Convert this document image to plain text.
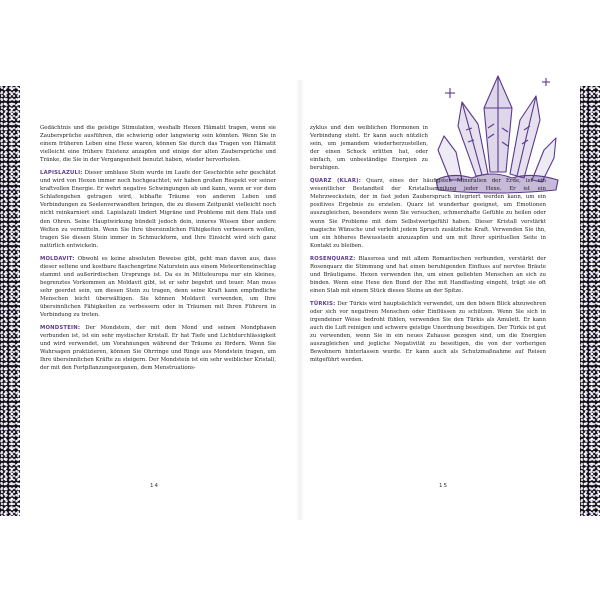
Gedächtnis und die geistige Stimulation, weshalb Hexen Hämatit tragen, wenn sie Zaubersprüche ausführen, die schwierig oder langwierig sein könnten. Wenn Sie in einem früheren Leben eine Hexe waren, können Sie durch das Tragen von Hämatit vielleicht eine frühere Existenz anzapfen und einige der alten Zaubersprüche und Tränke, die Sie in der Vergangenheit benutzt haben, wieder hervorholen.

LAPISLAZULI: Dieser umblaue Stein wurde im Laufe der Geschichte sehr geschätzt und wird von Hexen immer noch hochgeachtet; wir haben großen Respekt vor seiner kraftvollen Energie. Er wehrt negative Schwingungen ab und kann, wenn er vor dem Schlafengehen getragen wird, lebhafte Träume von anderen Leben und Verbindungen zu Seelenverwandten bringen, die zu diesem Zeitpunkt vielleicht noch nicht reinkarniert sind. Lapislazuli lindert Migräne und Probleme mit dem Hals und den Ohren. Seine Hauptwirkung bündelt jedoch dein, inneres Wissen über andere Welten zu vermitteln. Wenn Sie Ihre übersinnlichen Fähigkeiten verbessern wollen, tragen Sie diesen Stein immer in Schmuckform, und Ihre Einsicht wird sich ganz natürlich entwickeln.

MOLDAVIT: Obwohl es keine absoluten Beweise gibt, geht man davon aus, dass dieser seltene und kostbare flaschengrüne Naturstein aus einem Meteoriteneinschlag stammt und außerirdischen Ursprungs ist. Da es in Mitteleuropa nur ein kleines, begrenztes Vorkommen an Moldavit gibt, ist er sehr begehrt und teuer. Man muss sehr geerdet sein, um diesen Stein zu tragen, denn seine Kraft kann empfindliche Menschen leicht überwältigen. Sie können Moldavit verwenden, um Ihre übersinnlichen Fähigkeiten zu verbessern oder in Träumen mit Ihren Führern in Verbindung zu treten.

MONDSTEIN: Der Mondstein, der mit dem Mond und seinen Mondphasen verbunden ist, ist ein sehr mystischer Kristall. Er hat Tiefe und Lichtdurchlässigkeit und wird verwendet, um Vorahnungen während der Träume zu fördern. Wenn Sie Wahrsagen praktizieren, können Sie Ohrringe und Ringe aus Mondstein tragen, um Ihre übersinnlichen Kräfte zu steigern. Der Mondstein ist ein sehr weiblicher Kristall, der mit den Fortpflanzungsorganen, dem Menstruations-

14

zyklus und den weiblichen Hormonen in Verbindung steht. Er kann auch nützlich sein, um jemandem wiederherzustellen, der einen Schock erlitten hat, oder einfach, um unbeständige Energien zu beruhigen.

QUARZ (KLAR): Quarz, eines der häufigsten Mineralien der Erde, ist ein wesentlicher Bestandteil der Kristallsammlung jeder Hexe. Er ist ein Mehrzweckstein, der in fast jeden Zauberspruch integriert werden kann, um ein positives Ergebnis zu erzielen. Quarz ist wunderbar geeignet, um Emotionen auszugleichen, besonders wenn Sie versuchen, schmerzhafte Gefühle zu heilen oder wenn Sie Probleme mit dem Selbstwertgefühl haben. Dieser Kristall verstärkt magische Wünsche und verleiht jedem Spruch zusätzliche Kraft. Verwenden Sie ihn, um ein höheres Bewusstsein anzuzapfen und um mit Ihrer spirituellen Seite in Kontakt zu bleiben.

ROSENQUARZ: Blassrosa und mit allem Romantischen verbunden, verstärkt der Rosenquarz die Stimmung und hat einen beruhigenden Einfluss auf nervöse Bräute und Bräutigame. Hexen verwenden ihn, um einen geliebten Menschen an sich zu binden. Wenn eine Hexe den Bund der Ehe mit Handfasting eingeht, trägt sie oft einen Stab mit einem Stück dieses Steins an der Spitze.

TÜRKIS: Der Türkis wird hauptsächlich verwendet, um den bösen Blick abzuwehren oder sich vor negativen Menschen oder Einflüssen zu schützen. Wenn Sie sich in irgendeiner Weise bedroht fühlen, verwenden Sie den Türkis als Amulett. Er kann auch die Luft reinigen und schwere geistige Unordnung beseitigen. Der Türkis ist gut zu verwenden, wenn Sie in ein neues Zuhause gezogen sind, um die Energien auszugleichen und jegliche Negativität zu beseitigen, die von der vorherigen Bewohnern hinterlassen wurde. Er kann auch als Schutzmaßnahme auf Reisen mitgeführt werden.

15
